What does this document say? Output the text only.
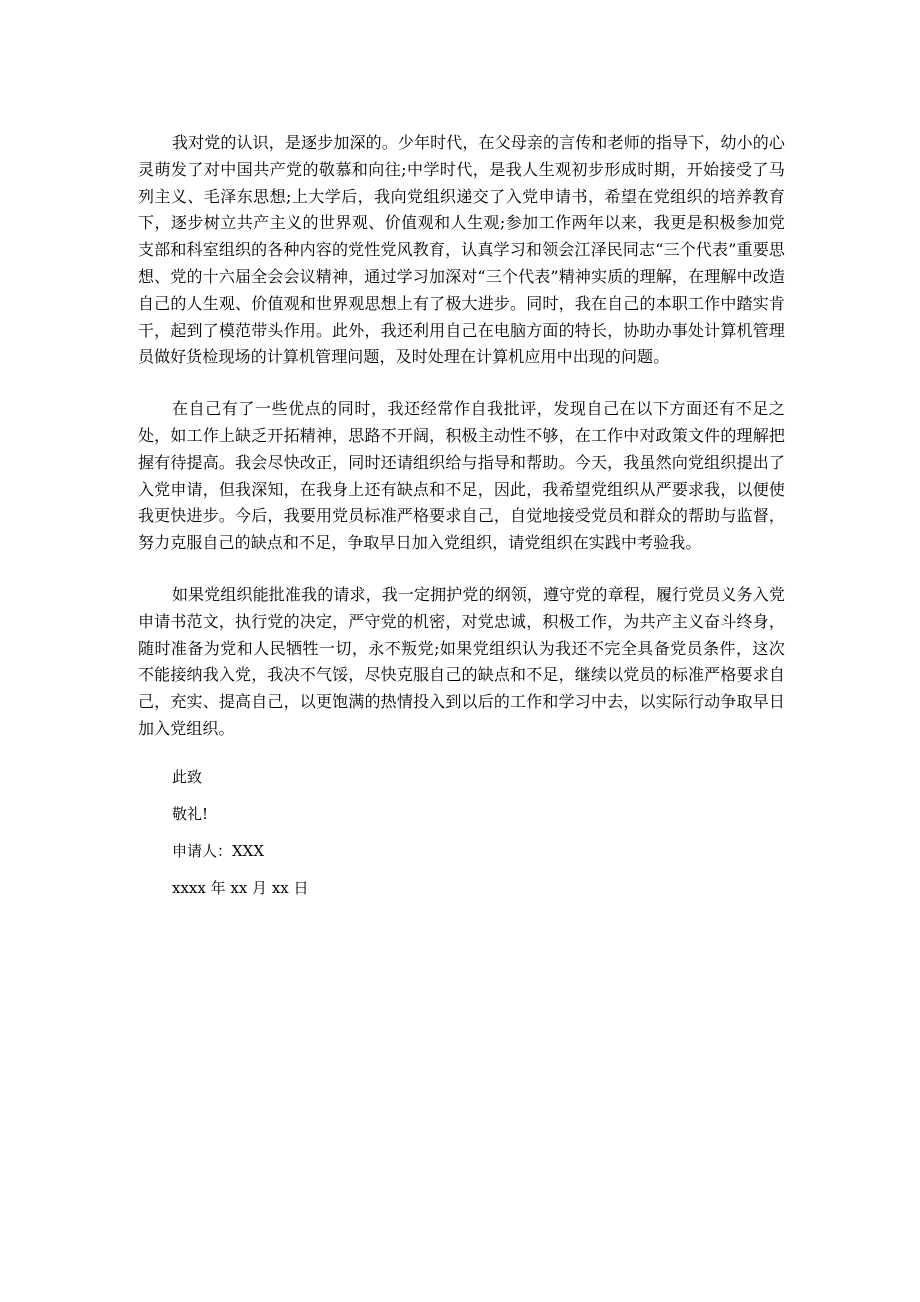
我对党的认识，是逐步加深的。少年时代，在父母亲的言传和老师的指导下，幼小的心灵萌发了对中国共产党的敬慕和向往;中学时代，是我人生观初步形成时期，开始接受了马列主义、毛泽东思想;上大学后，我向党组织递交了入党申请书，希望在党组织的培养教育下，逐步树立共产主义的世界观、价值观和人生观;参加工作两年以来，我更是积极参加党支部和科室组织的各种内容的党性党风教育，认真学习和领会江泽民同志“三个代表”重要思想、党的十六届全会会议精神，通过学习加深对“三个代表”精神实质的理解，在理解中改造自己的人生观、价值观和世界观思想上有了极大进步。同时，我在自己的本职工作中踏实肯干，起到了模范带头作用。此外，我还利用自己在电脑方面的特长，协助办事处计算机管理员做好货检现场的计算机管理问题，及时处理在计算机应用中出现的问题。

在自己有了一些优点的同时，我还经常作自我批评，发现自己在以下方面还有不足之处，如工作上缺乏开拓精神，思路不开阔，积极主动性不够，在工作中对政策文件的理解把握有待提高。我会尽快改正，同时还请组织给与指导和帮助。今天，我虽然向党组织提出了入党申请，但我深知，在我身上还有缺点和不足，因此，我希望党组织从严要求我，以便使我更快进步。今后，我要用党员标准严格要求自己，自觉地接受党员和群众的帮助与监督，努力克服自己的缺点和不足，争取早日加入党组织，请党组织在实践中考验我。

如果党组织能批准我的请求，我一定拥护党的纲领，遵守党的章程，履行党员义务入党申请书范文，执行党的决定，严守党的机密，对党忠诚，积极工作，为共产主义奋斗终身，随时准备为党和人民牺牲一切，永不叛党;如果党组织认为我还不完全具备党员条件，这次不能接纳我入党，我决不气馁，尽快克服自己的缺点和不足，继续以党员的标准严格要求自己，充实、提高自己，以更饱满的热情投入到以后的工作和学习中去，以实际行动争取早日加入党组织。

此致

敬礼!

申请人：XXX

xxxx 年 xx 月 xx 日
